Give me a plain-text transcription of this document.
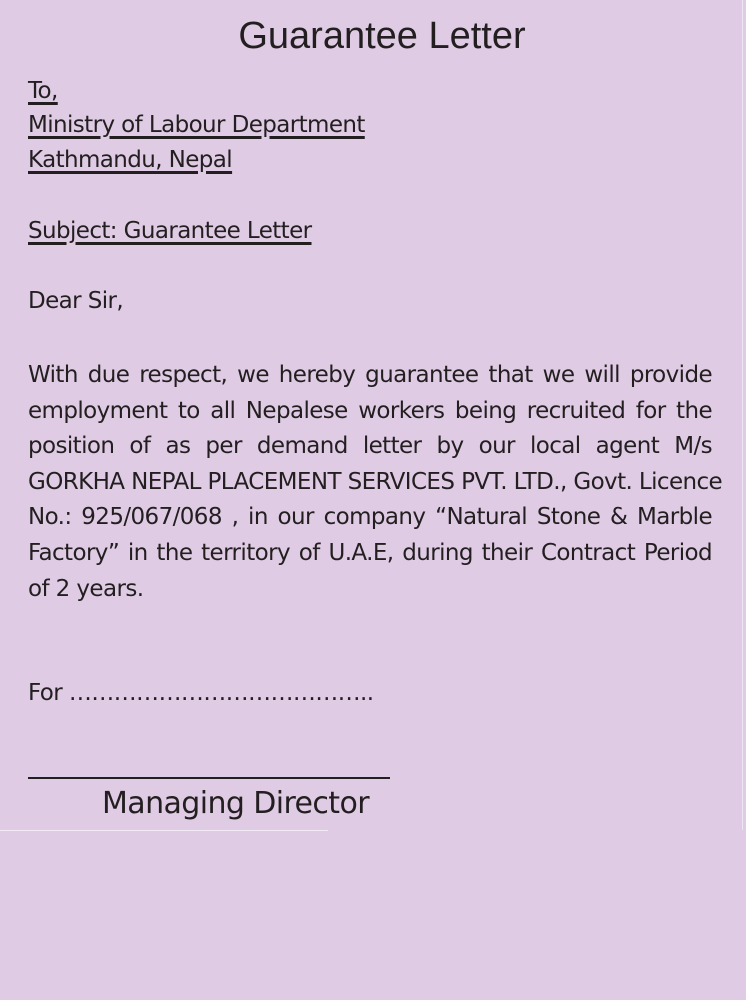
Guarantee Letter
To,
Ministry of Labour Department
Kathmandu, Nepal
Subject: Guarantee Letter
Dear Sir,
With due respect, we hereby guarantee that we will provide
employment to all Nepalese workers being recruited for the
position of as per demand letter by our local agent M/s
GORKHA NEPAL PLACEMENT SERVICES PVT. LTD., Govt. Licence
No.: 925/067/068 , in our company “Natural Stone & Marble
Factory” in the territory of U.A.E, during their Contract Period
of 2 years.
For …………………………………..
Managing Director
